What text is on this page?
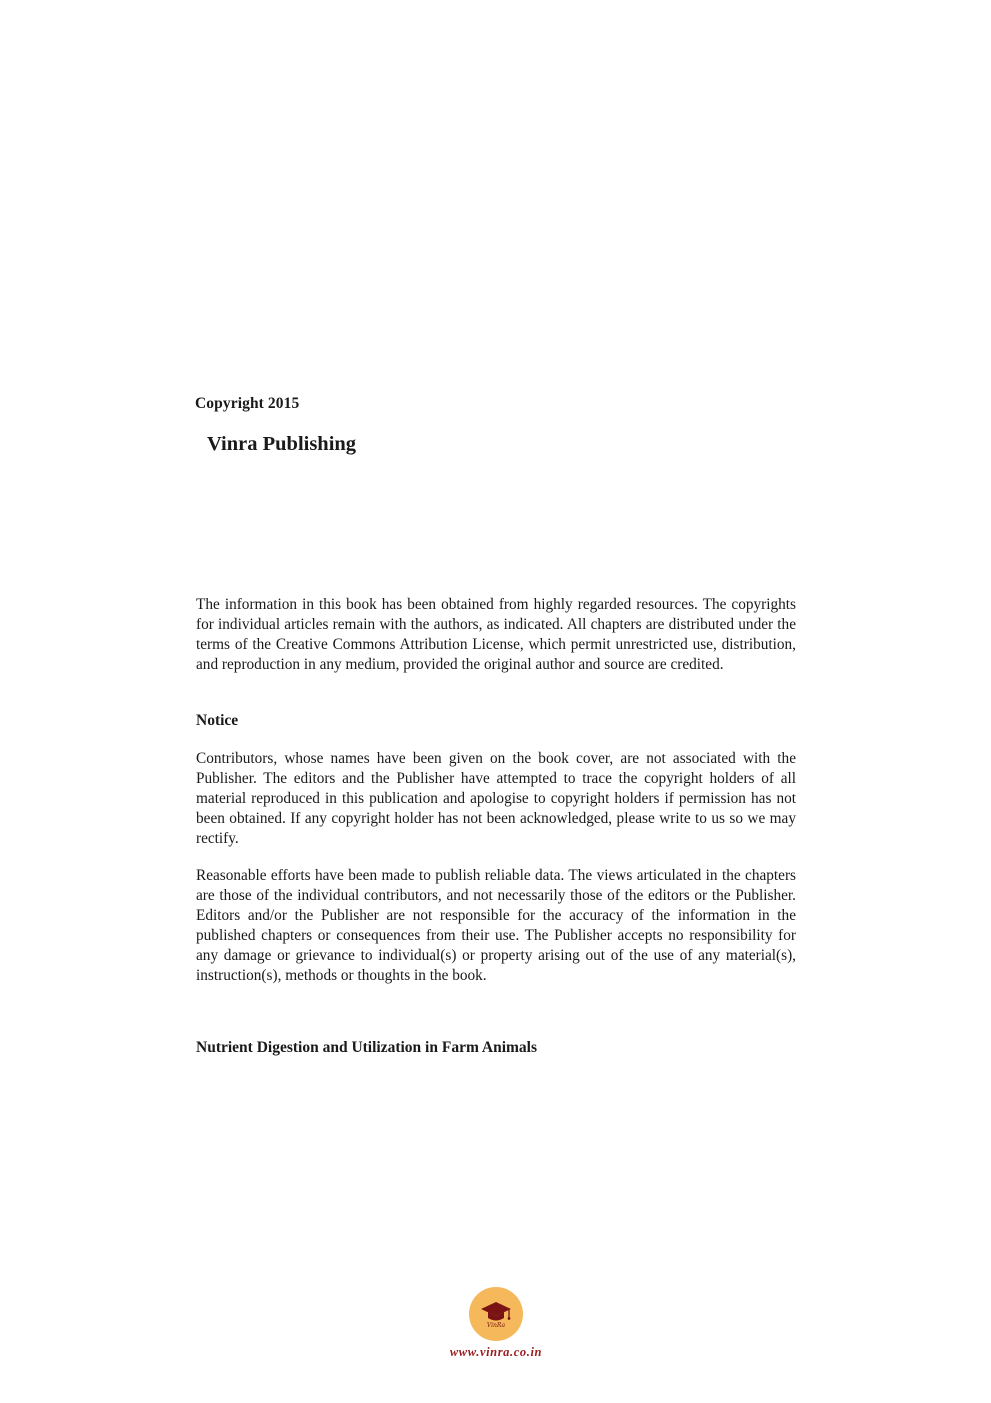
Copyright 2015
Vinra Publishing

The information in this book has been obtained from highly regarded resources. The copyrights for individual articles remain with the authors, as indicated. All chapters are distributed under the terms of the Creative Commons Attribution License, which permit unrestricted use, distribution, and reproduction in any medium, provided the original author and source are credited.

Notice

Contributors, whose names have been given on the book cover, are not associated with the Publisher. The editors and the Publisher have attempted to trace the copyright holders of all material reproduced in this publication and apologise to copyright holders if permission has not been obtained. If any copyright holder has not been acknowledged, please write to us so we may rectify.

Reasonable efforts have been made to publish reliable data. The views articulated in the chapters are those of the individual contributors, and not necessarily those of the editors or the Publisher. Editors and/or the Publisher are not responsible for the accuracy of the information in the published chapters or consequences from their use. The Publisher accepts no responsibility for any damage or grievance to individual(s) or property arising out of the use of any material(s), instruction(s), methods or thoughts in the book.

Nutrient Digestion and Utilization in Farm Animals
VinRa
www.vinra.co.in
